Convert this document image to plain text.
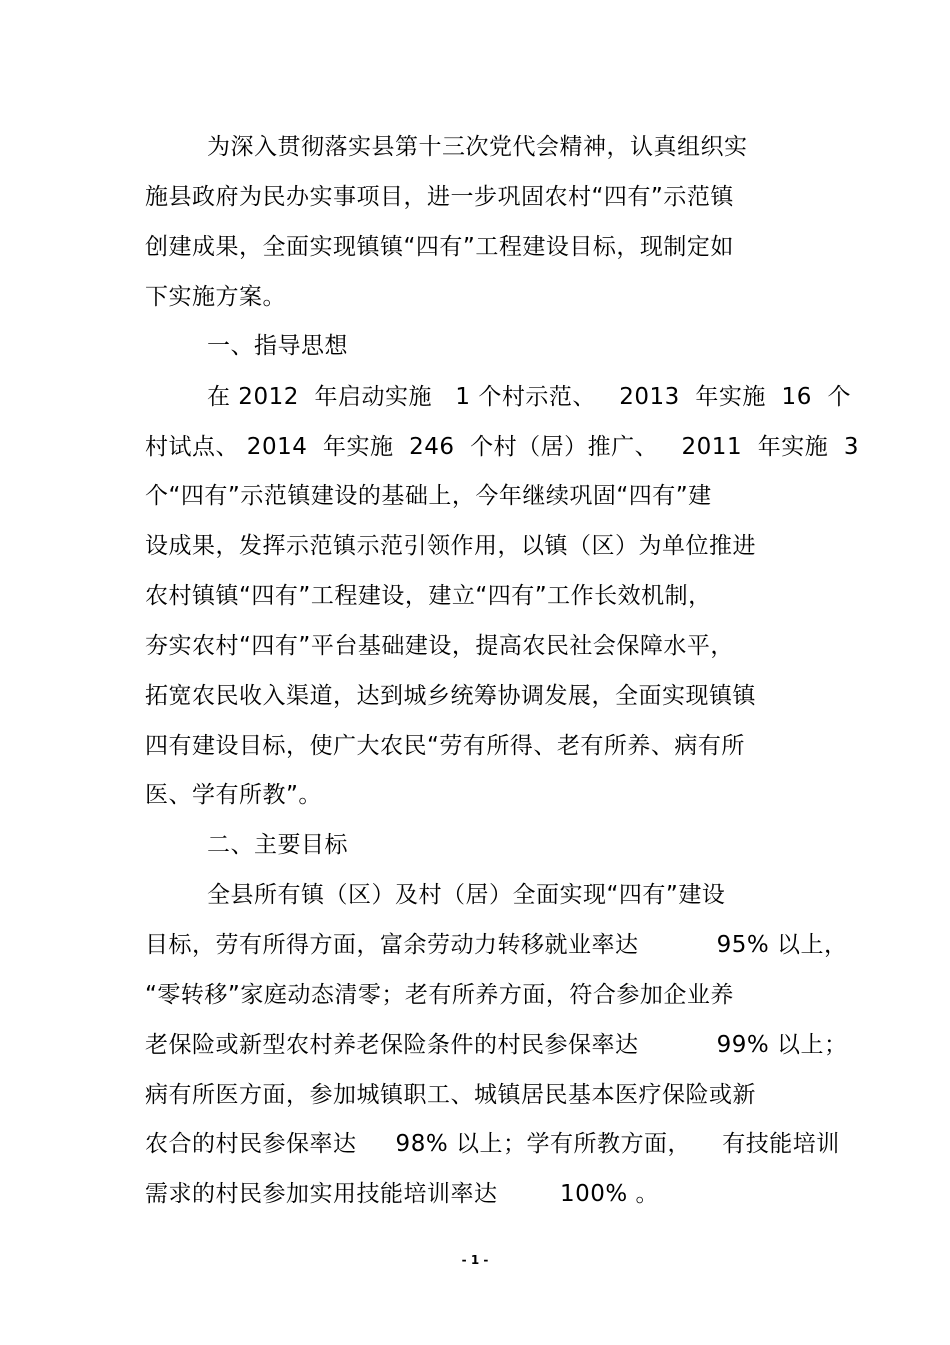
为深入贯彻落实县第十三次党代会精神，认真组织实
施县政府为民办实事项目，进一步巩固农村“四有”示范镇
创建成果，全面实现镇镇“四有”工程建设目标，现制定如
下实施方案。
一、指导思想
在 2012  年启动实施   1 个村示范、   2013  年实施  16  个
村试点、 2014  年实施  246  个村（居）推广、   2011  年实施  3
个“四有”示范镇建设的基础上，今年继续巩固“四有”建
设成果，发挥示范镇示范引领作用，以镇（区）为单位推进
农村镇镇“四有”工程建设，建立“四有”工作长效机制，
夯实农村“四有”平台基础建设，提高农民社会保障水平，
拓宽农民收入渠道，达到城乡统筹协调发展，全面实现镇镇
四有建设目标，使广大农民“劳有所得、老有所养、病有所
医、学有所教”。
二、主要目标
全县所有镇（区）及村（居）全面实现“四有”建设
目标，劳有所得方面，富余劳动力转移就业率达          95% 以上，
“零转移”家庭动态清零；老有所养方面，符合参加企业养
老保险或新型农村养老保险条件的村民参保率达          99% 以上；
病有所医方面，参加城镇职工、城镇居民基本医疗保险或新
农合的村民参保率达     98% 以上；学有所教方面，    有技能培训
需求的村民参加实用技能培训率达        100% 。
- 1 -
